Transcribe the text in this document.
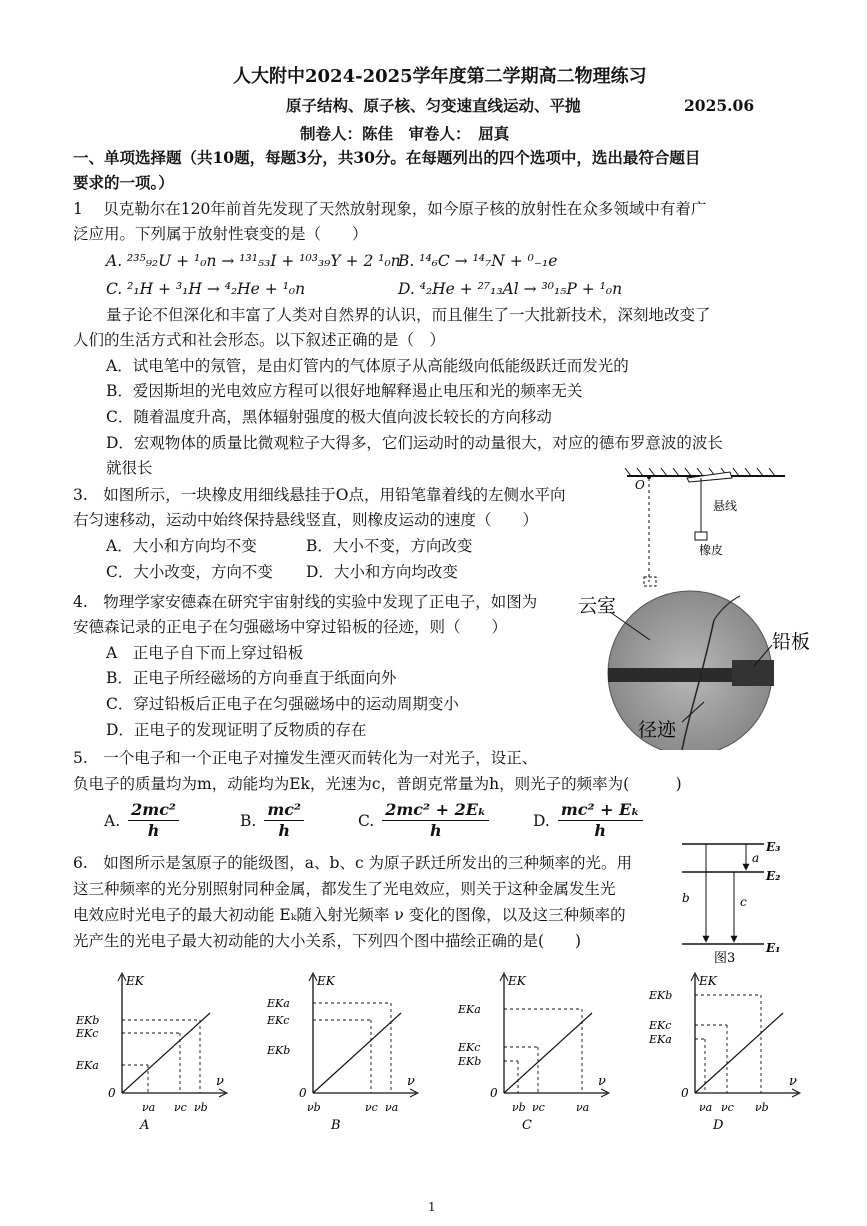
人大附中2024-2025学年度第二学期高二物理练习
原子结构、原子核、匀变速直线运动、平抛	2025.06
制卷人：陈佳　审卷人：　屈真
一、单项选择题（共10题，每题3分，共30分。在每题列出的四个选项中，选出最符合题目
要求的一项。）
1　 贝克勒尔在120年前首先发现了天然放射现象，如今原子核的放射性在众多领域中有着广
泛应用。下列属于放射性衰变的是（　　）
A. ²³⁵₉₂U + ¹₀n → ¹³¹₅₃I + ¹⁰³₃₉Y + 2 ¹₀n
B. ¹⁴₆C → ¹⁴₇N + ⁰₋₁e
C. ²₁H + ³₁H → ⁴₂He + ¹₀n	D. ⁴₂He + ²⁷₁₃Al → ³⁰₁₅P + ¹₀n
量子论不但深化和丰富了人类对自然界的认识，而且催生了一大批新技术，深刻地改变了
人们的生活方式和社会形态。以下叙述正确的是（　）
A．试电笔中的氖管，是由灯管内的气体原子从高能级向低能级跃迁而发光的
B．爱因斯坦的光电效应方程可以很好地解释遏止电压和光的频率无关
C．随着温度升高，黑体辐射强度的极大值向波长较长的方向移动
D．宏观物体的质量比微观粒子大得多，它们运动时的动量很大，对应的德布罗意波的波长
就很长
3.　如图所示，一块橡皮用细线悬挂于O点，用铅笔靠着线的左侧水平向
右匀速移动，运动中始终保持悬线竖直，则橡皮运动的速度（　　）
A．大小和方向均不变	B．大小不变，方向改变
C．大小改变，方向不变 D．大小和方向均改变
O
悬线
橡皮
4.　物理学家安德森在研究宇宙射线的实验中发现了正电子，如图为
安德森记录的正电子在匀强磁场中穿过铅板的径迹，则（　　）
A　正电子自下而上穿过铅板
B．正电子所经磁场的方向垂直于纸面向外
C．穿过铅板后正电子在匀强磁场中的运动周期变小
D．正电子的发现证明了反物质的存在
云室
铅板
径迹
5.　一个电子和一个正电子对撞发生湮灭而转化为一对光子，设正、
负电子的质量均为m，动能均为Ek，光速为c，普朗克常量为h，则光子的频率为(　　　)
A. $\frac{\text{2mc²}}{h}$	B. $\frac{\text{mc²}}{h}$	C. $\frac{\text{2mc² + 2Eₖ}}{h}$	D. $\frac{\text{mc² + Eₖ}}{h}$
6.　如图所示是氢原子的能级图，a、b、c 为原子跃迁所发出的三种频率的光。用
这三种频率的光分别照射同种金属，都发生了光电效应，则关于这种金属发生光
电效应时光电子的最大初动能 Eₖ随入射光频率 ν 变化的图像，以及这三种频率的
光产生的光电子最大初动能的大小关系，下列四个图中描绘正确的是(　　)
E₃
E₂
E₁
a
b	c
图3
EK
ν
0
EKb
EKc
EKa
νa νc νb
A
EK
ν
0
EKa
EKc
EKb
νb	νc νa
B
EK
ν
0
EKa
EKc
EKb
νb νc	νa
C
EK
ν
0
EKb
EKc
EKa
νa νc νb
D
1
